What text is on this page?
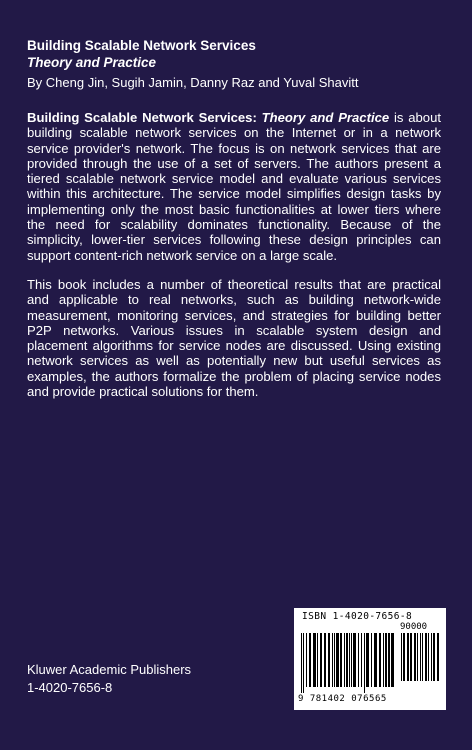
Building Scalable Network Services
Theory and Practice
By Cheng Jin, Sugih Jamin, Danny Raz and Yuval Shavitt

Building Scalable Network Services: Theory and Practice is about building scalable network services on the Internet or in a network service provider's network. The focus is on network services that are provided through the use of a set of servers. The authors present a tiered scalable network service model and evaluate various services within this architecture. The service model simplifies design tasks by implementing only the most basic functionalities at lower tiers where the need for scalability dominates functionality. Because of the simplicity, lower-tier services following these design principles can support content-rich network service on a large scale.

This book includes a number of theoretical results that are practical and applicable to real networks, such as building network-wide measurement, monitoring services, and strategies for building better P2P networks. Various issues in scalable system design and placement algorithms for service nodes are discussed. Using existing network services as well as potentially new but useful services as examples, the authors formalize the problem of placing service nodes and provide practical solutions for them.

Kluwer Academic Publishers
1-4020-7656-8
ISBN 1-4020-7656-8
90000
9 781402 076565
